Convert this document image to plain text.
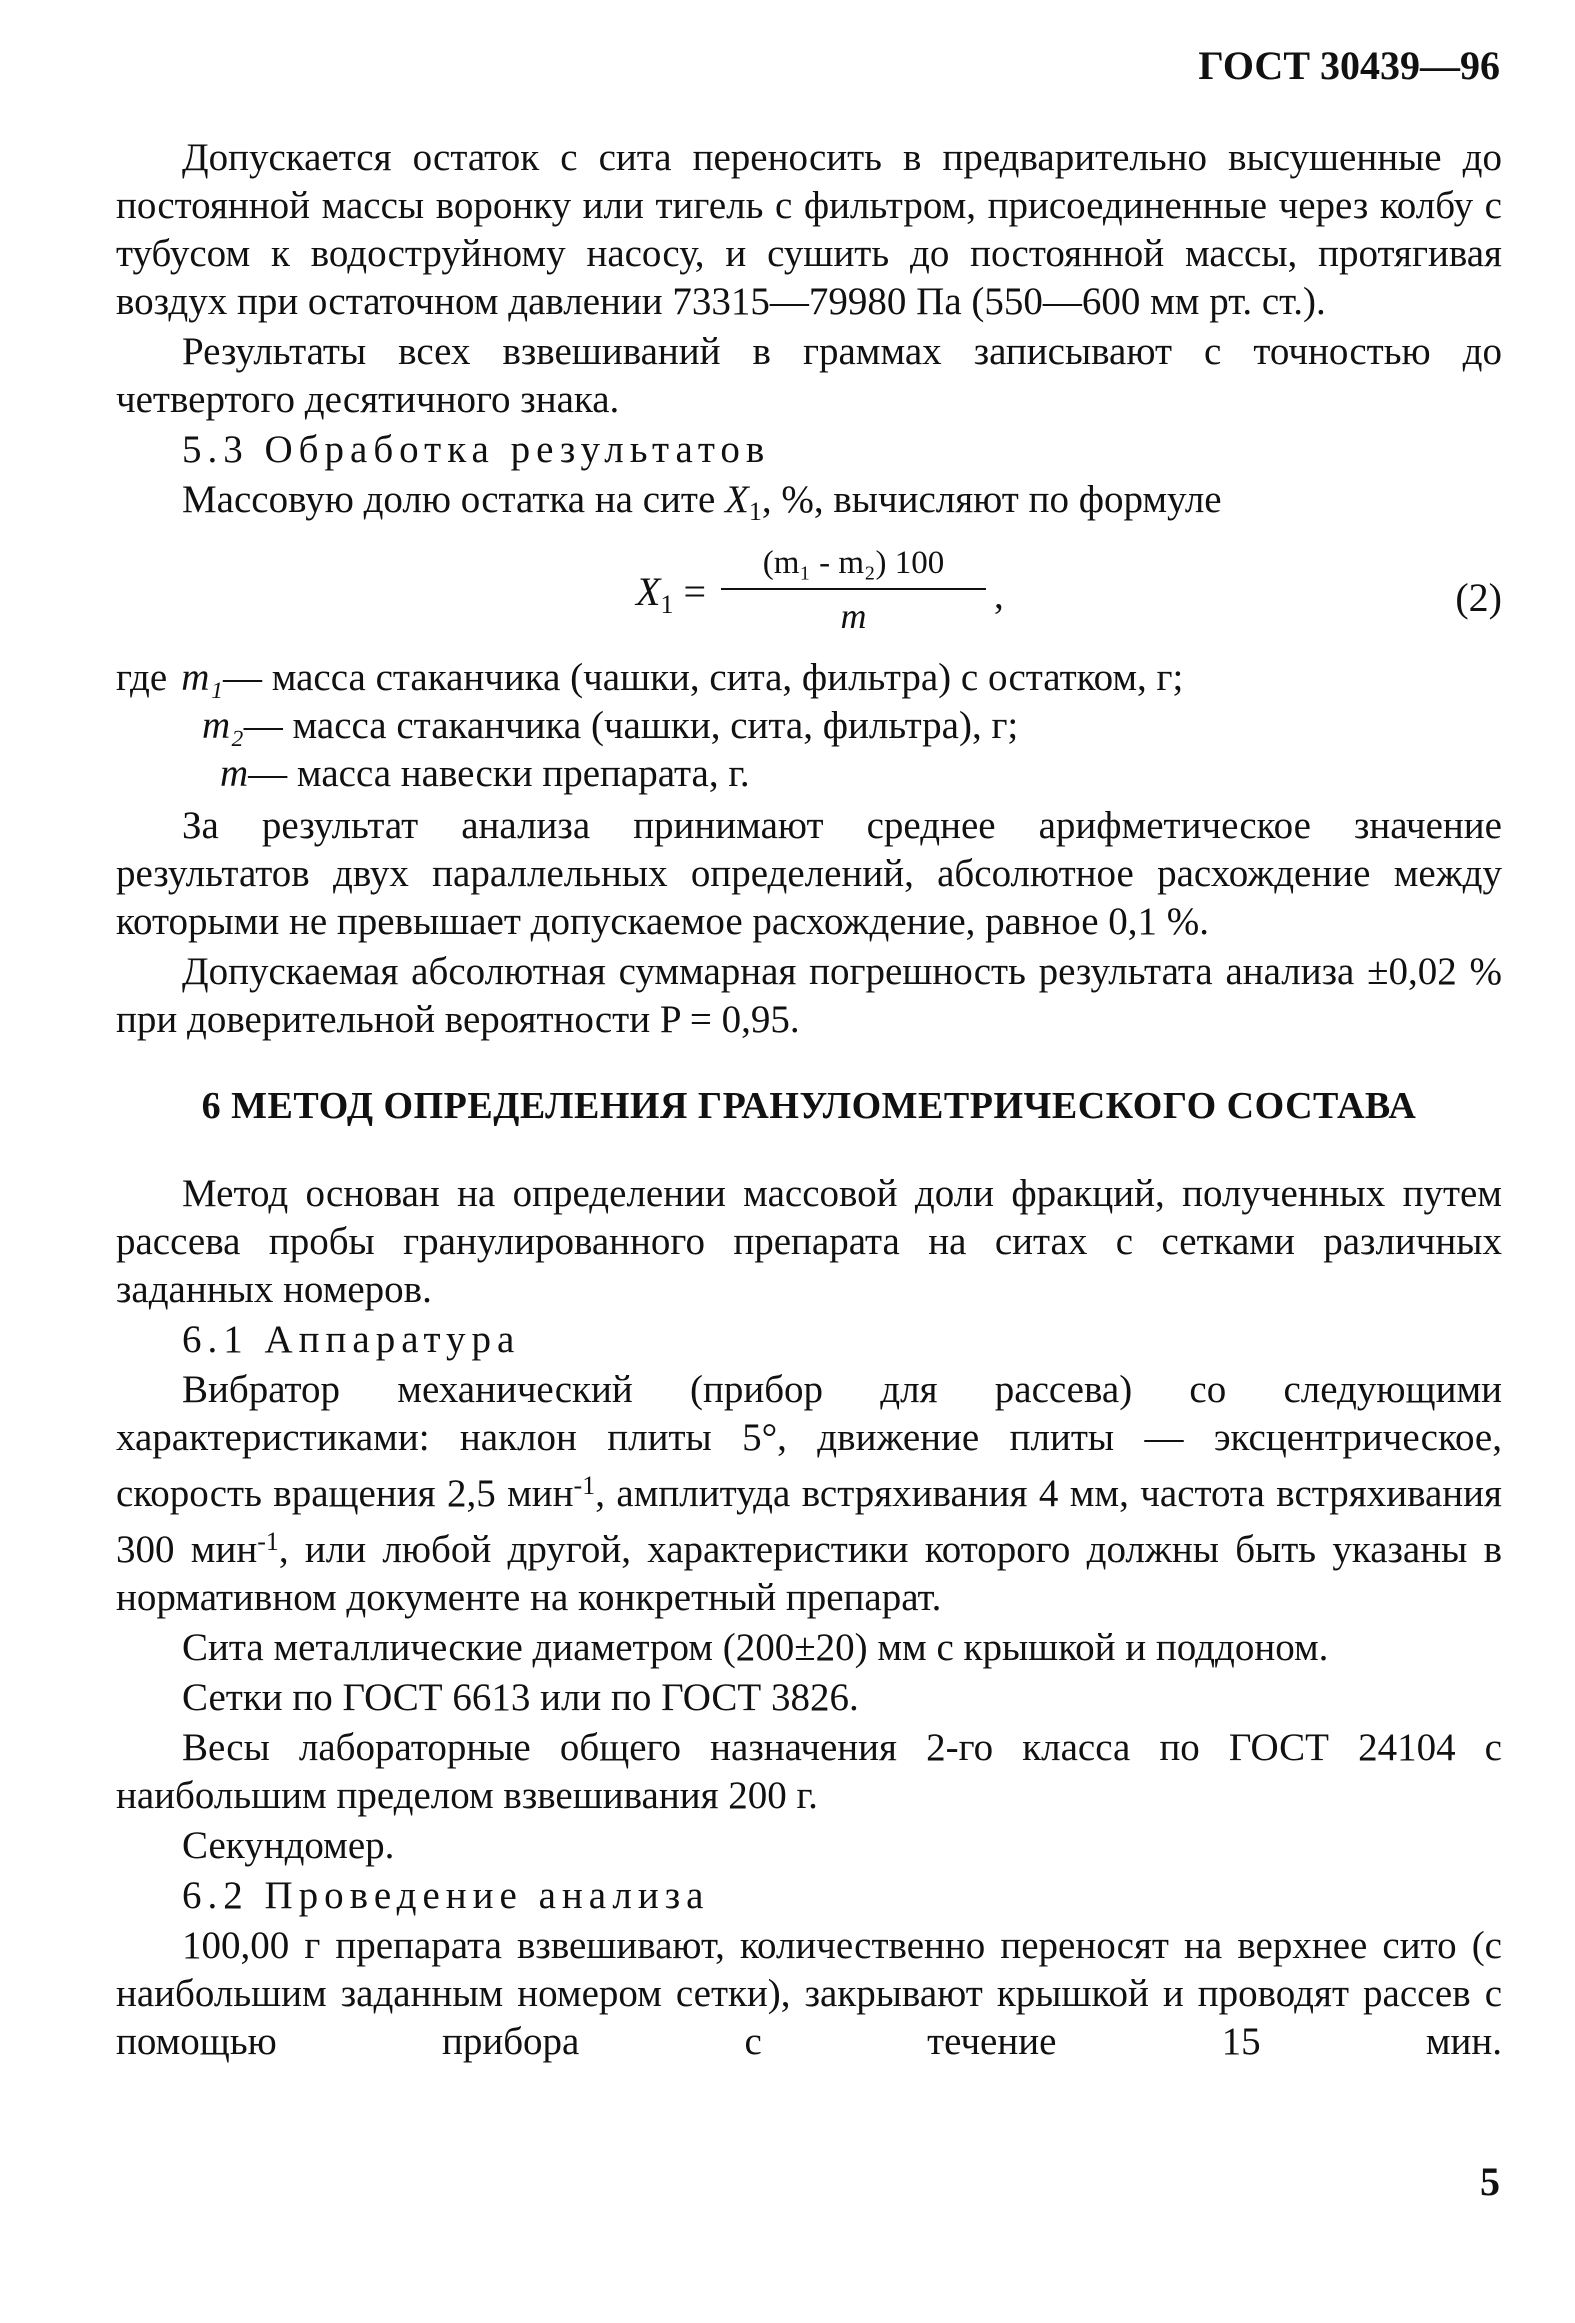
ГОСТ 30439—96

Допускается остаток с сита переносить в предварительно высушенные до постоянной массы воронку или тигель с фильтром, присоединенные через колбу с тубусом к водоструйному насосу, и сушить до постоянной массы, протягивая воздух при остаточном давлении 73315—79980 Па (550—600 мм рт. ст.).

Результаты всех взвешиваний в граммах записывают с точностью до четвертого десятичного знака.

5.3 Обработка результатов

Массовую долю остатка на сите $X_1$, %, вычисляют по формуле

$X_1$ =
(m₁ - m₂) 100
m	,	(2)
где m₁ — масса стаканчика (чашки, сита, фильтра) с остатком, г;
m₂ — масса стаканчика (чашки, сита, фильтра), г;
m — масса навески препарата, г.

За результат анализа принимают среднее арифметическое значение результатов двух параллельных определений, абсолютное расхождение между которыми не превышает допускаемое расхождение, равное 0,1 %.

Допускаемая абсолютная суммарная погрешность результата анализа ±0,02 % при доверительной вероятности P = 0,95.

6 МЕТОД ОПРЕДЕЛЕНИЯ ГРАНУЛОМЕТРИЧЕСКОГО СОСТАВА

Метод основан на определении массовой доли фракций, полученных путем рассева пробы гранулированного препарата на ситах с сетками различных заданных номеров.

6.1 Аппаратура

Вибратор механический (прибор для рассева) со следующими характеристиками: наклон плиты 5°, движение плиты — эксцентрическое, скорость вращения 2,5 мин$^{-1}$, амплитуда встряхивания 4 мм, частота встряхивания 300 мин$^{-1}$, или любой другой, характеристики которого должны быть указаны в нормативном документе на конкретный препарат.

Сита металлические диаметром (200±20) мм с крышкой и поддоном.

Сетки по ГОСТ 6613 или по ГОСТ 3826.

Весы лабораторные общего назначения 2-го класса по ГОСТ 24104 с наибольшим пределом взвешивания 200 г.

Секундомер.

6.2 Проведение анализа

100,00 г препарата взвешивают, количественно переносят на верхнее сито (с наибольшим заданным номером сетки), закрывают крышкой и проводят рассев с помощью прибора с течение 15 мин.

5
